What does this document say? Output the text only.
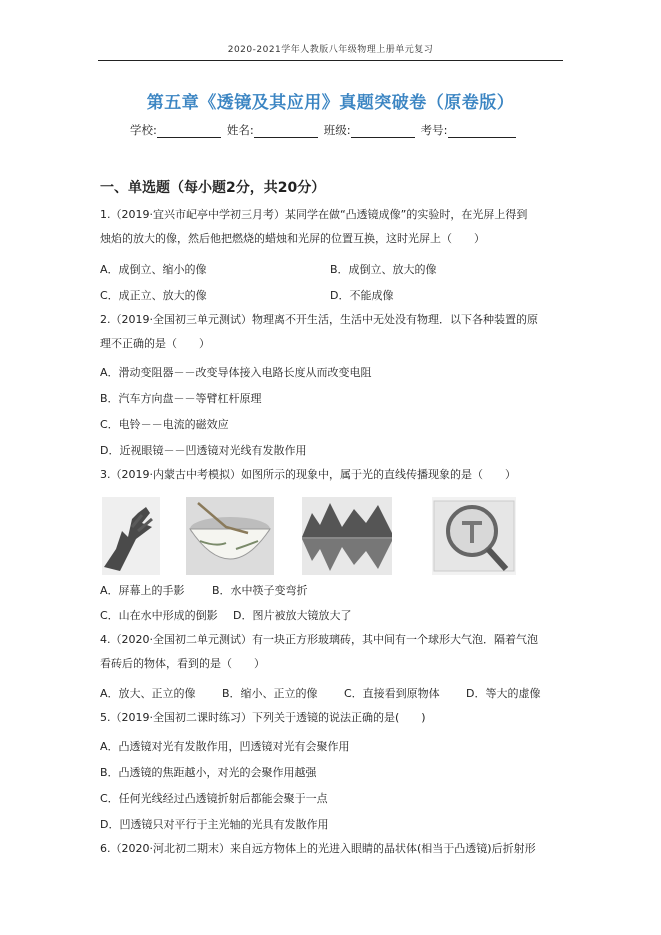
2020-2021学年人教版八年级物理上册单元复习
第五章《透镜及其应用》真题突破卷（原卷版）
学校:	姓名:	班级:	考号:
一、单选题（每小题2分，共20分）
1.（2019·宜兴市屺亭中学初三月考）某同学在做“凸透镜成像”的实验时，在光屏上得到
烛焰的放大的像，然后他把燃烧的蜡烛和光屏的位置互换，这时光屏上（　　）
A．成倒立、缩小的像	B．成倒立、放大的像
C．成正立、放大的像	D．不能成像
2.（2019·全国初三单元测试）物理离不开生活，生活中无处没有物理．以下各种装置的原
理不正确的是（　　）
A．滑动变阻器－－改变导体接入电路长度从而改变电阻
B．汽车方向盘－－等臂杠杆原理
C．电铃－－电流的磁效应
D．近视眼镜－－凹透镜对光线有发散作用
3.（2019·内蒙古中考模拟）如图所示的现象中，属于光的直线传播现象的是（　　）
A．屏幕上的手影 B．水中筷子变弯折
C．山在水中形成的倒影 D．图片被放大镜放大了
4.（2020·全国初二单元测试）有一块正方形玻璃砖，其中间有一个球形大气泡．隔着气泡
看砖后的物体，看到的是（　　）
A．放大、正立的像 B．缩小、正立的像 C．直接看到原物体 D．等大的虚像
5.（2019·全国初二课时练习）下列关于透镜的说法正确的是(　　)
A．凸透镜对光有发散作用，凹透镜对光有会聚作用
B．凸透镜的焦距越小，对光的会聚作用越强
C．任何光线经过凸透镜折射后都能会聚于一点
D．凹透镜只对平行于主光轴的光具有发散作用
6.（2020·河北初二期末）来自远方物体上的光进入眼睛的晶状体(相当于凸透镜)后折射形
